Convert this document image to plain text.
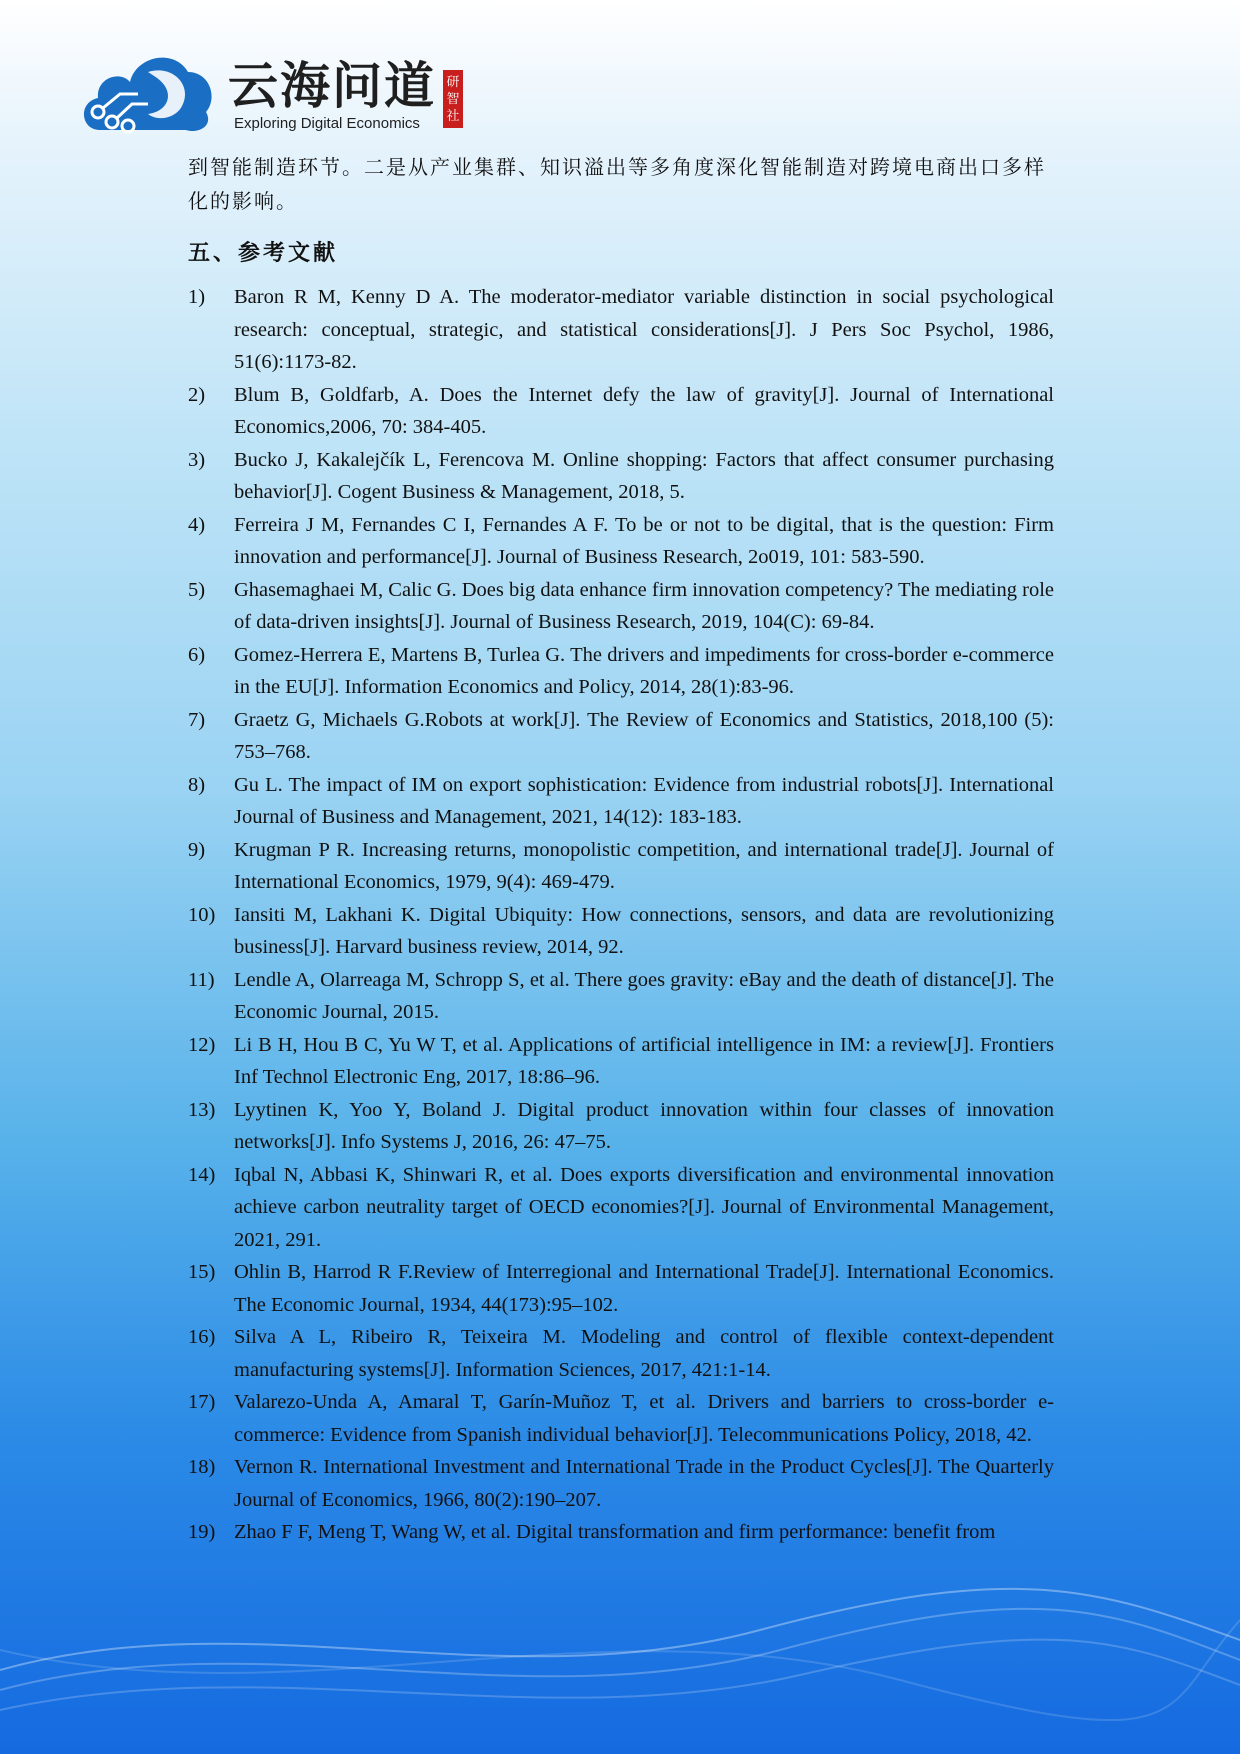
云海问道
Exploring Digital Economics
研智社

到智能制造环节。二是从产业集群、知识溢出等多角度深化智能制造对跨境电商出口多样化的影响。

五、参考文献
1)	Baron R M, Kenny D A. The moderator-mediator variable distinction in social psychological research: conceptual, strategic, and statistical considerations[J]. J Pers Soc Psychol, 1986, 51(6):1173-82.
2)	Blum B, Goldfarb, A. Does the Internet defy the law of gravity[J]. Journal of International Economics,2006, 70: 384-405.
3)	Bucko J, Kakalejčík L, Ferencova M. Online shopping: Factors that affect consumer purchasing behavior[J]. Cogent Business & Management, 2018, 5.
4)	Ferreira J M, Fernandes C I, Fernandes A F. To be or not to be digital, that is the question: Firm innovation and performance[J]. Journal of Business Research, 2o019, 101: 583-590.
5)	Ghasemaghaei M, Calic G. Does big data enhance firm innovation competency? The mediating role of data-driven insights[J]. Journal of Business Research, 2019, 104(C): 69-84.
6)	Gomez-Herrera E, Martens B, Turlea G. The drivers and impediments for cross-border e-commerce in the EU[J]. Information Economics and Policy, 2014, 28(1):83-96.
7)	Graetz G, Michaels G.Robots at work[J]. The Review of Economics and Statistics, 2018,100 (5): 753–768.
8)	Gu L. The impact of IM on export sophistication: Evidence from industrial robots[J]. International Journal of Business and Management, 2021, 14(12): 183-183.
9)	Krugman P R. Increasing returns, monopolistic competition, and international trade[J]. Journal of International Economics, 1979, 9(4): 469-479.
10) Iansiti M, Lakhani K. Digital Ubiquity: How connections, sensors, and data are revolutionizing business[J]. Harvard business review, 2014, 92.
11) Lendle A, Olarreaga M, Schropp S, et al. There goes gravity: eBay and the death of distance[J]. The Economic Journal, 2015.
12) Li B H, Hou B C, Yu W T, et al. Applications of artificial intelligence in IM: a review[J]. Frontiers Inf Technol Electronic Eng, 2017, 18:86–96.
13) Lyytinen K, Yoo Y, Boland J. Digital product innovation within four classes of innovation networks[J]. Info Systems J, 2016, 26: 47–75.
14) Iqbal N, Abbasi K, Shinwari R, et al. Does exports diversification and environmental innovation achieve carbon neutrality target of OECD economies?[J]. Journal of Environmental Management, 2021, 291.
15) Ohlin B, Harrod R F.Review of Interregional and International Trade[J]. International Economics. The Economic Journal, 1934, 44(173):95–102.
16) Silva A L, Ribeiro R, Teixeira M. Modeling and control of flexible context-dependent manufacturing systems[J]. Information Sciences, 2017, 421:1-14.
17) Valarezo-Unda A, Amaral T, Garín-Muñoz T, et al. Drivers and barriers to cross-border e-commerce: Evidence from Spanish individual behavior[J]. Telecommunications Policy, 2018, 42.
18) Vernon R. International Investment and International Trade in the Product Cycles[J]. The Quarterly Journal of Economics, 1966, 80(2):190–207.
19) Zhao F F, Meng T, Wang W, et al. Digital transformation and firm performance: benefit from
